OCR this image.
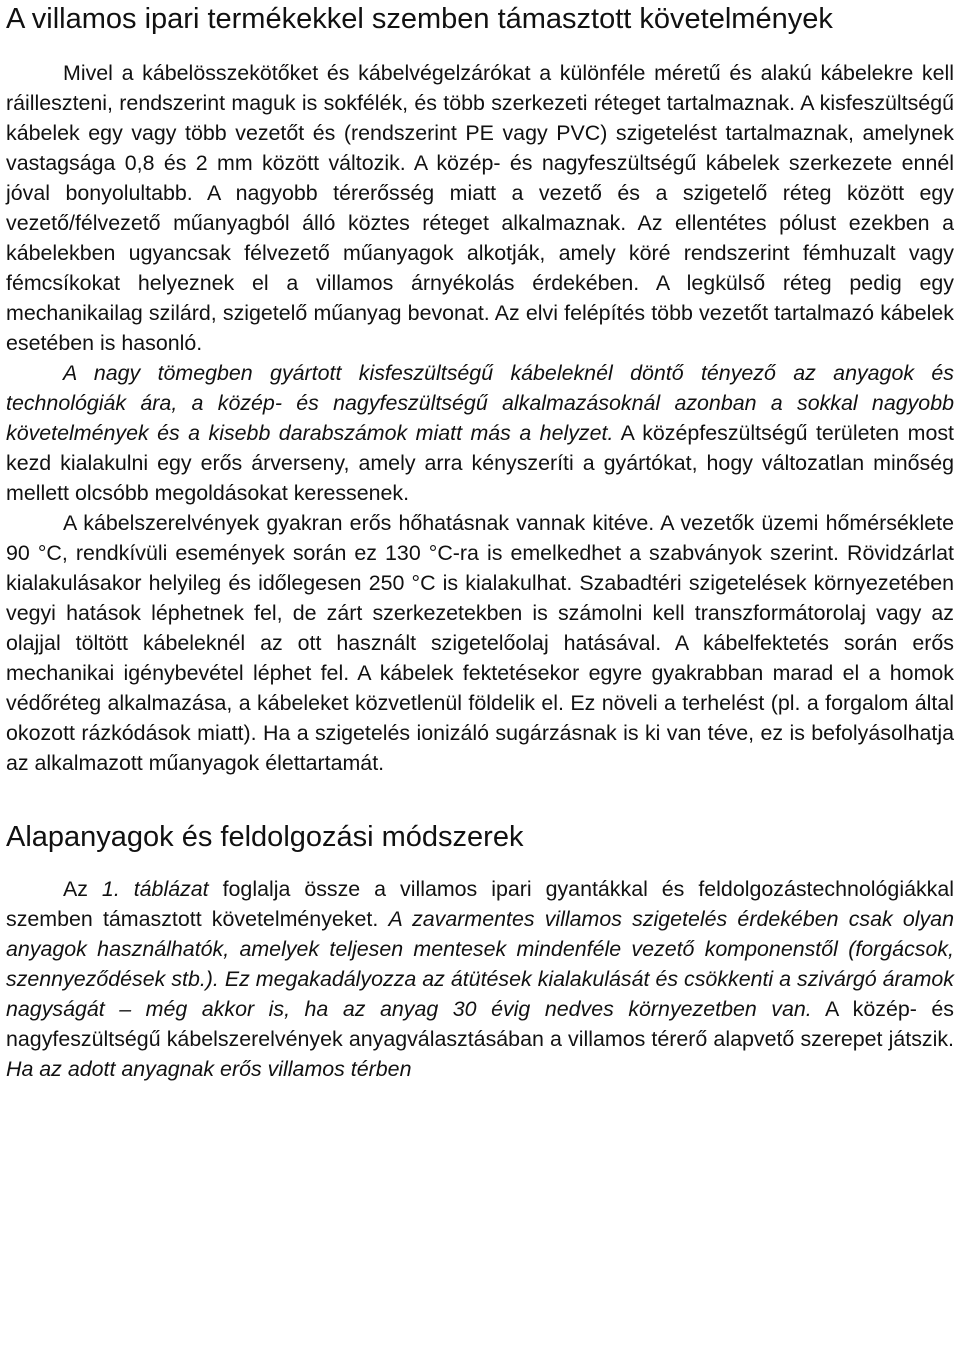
A villamos ipari termékekkel szemben támasztott követelmények

Mivel a kábelösszekötőket és kábelvégelzárókat a különféle méretű és alakú kábelekre kell ráilleszteni, rendszerint maguk is sokfélék, és több szerkezeti réteget tartalmaznak. A kisfeszültségű kábelek egy vagy több vezetőt és (rendszerint PE vagy PVC) szigetelést tartalmaznak, amelynek vastagsága 0,8 és 2 mm között változik. A közép- és nagyfeszültségű kábelek szerkezete ennél jóval bonyolultabb. A nagyobb térerősség miatt a vezető és a szigetelő réteg között egy vezető/félvezető műanyagból álló köztes réteget alkalmaznak. Az ellentétes pólust ezekben a kábelekben ugyancsak félvezető műanyagok alkotják, amely köré rendszerint fémhuzalt vagy fémcsíkokat helyeznek el a villamos árnyékolás érdekében. A legkülső réteg pedig egy mechanikailag szilárd, szigetelő műanyag bevonat. Az elvi felépítés több vezetőt tartalmazó kábelek esetében is hasonló.

A nagy tömegben gyártott kisfeszültségű kábeleknél döntő tényező az anyagok és technológiák ára, a közép- és nagyfeszültségű alkalmazásoknál azonban a sokkal nagyobb követelmények és a kisebb darabszámok miatt más a helyzet. A középfeszültségű területen most kezd kialakulni egy erős árverseny, amely arra kényszeríti a gyártókat, hogy változatlan minőség mellett olcsóbb megoldásokat keressenek.

A kábelszerelvények gyakran erős hőhatásnak vannak kitéve. A vezetők üzemi hőmérséklete 90 °C, rendkívüli események során ez 130 °C-ra is emelkedhet a szabványok szerint. Rövidzárlat kialakulásakor helyileg és időlegesen 250 °C is kialakulhat. Szabadtéri szigetelések környezetében vegyi hatások léphetnek fel, de zárt szerkezetekben is számolni kell transzformátorolaj vagy az olajjal töltött kábeleknél az ott használt szigetelőolaj hatásával. A kábelfektetés során erős mechanikai igénybevétel léphet fel. A kábelek fektetésekor egyre gyakrabban marad el a homok védőréteg alkalmazása, a kábeleket közvetlenül földelik el. Ez növeli a terhelést (pl. a forgalom által okozott rázkódások miatt). Ha a szigetelés ionizáló sugárzásnak is ki van téve, ez is befolyásolhatja az alkalmazott műanyagok élettartamát.

Alapanyagok és feldolgozási módszerek

Az 1. táblázat foglalja össze a villamos ipari gyantákkal és feldolgozástechnológiákkal szemben támasztott követelményeket. A zavarmentes villamos szigetelés érdekében csak olyan anyagok használhatók, amelyek teljesen mentesek mindenféle vezető komponenstől (forgácsok, szennyeződések stb.). Ez megakadályozza az átütések kialakulását és csökkenti a szivárgó áramok nagyságát – még akkor is, ha az anyag 30 évig nedves környezetben van. A közép- és nagyfeszültségű kábelszerelvények anyagválasztásában a villamos térerő alapvető szerepet játszik. Ha az adott anyagnak erős villamos térben
